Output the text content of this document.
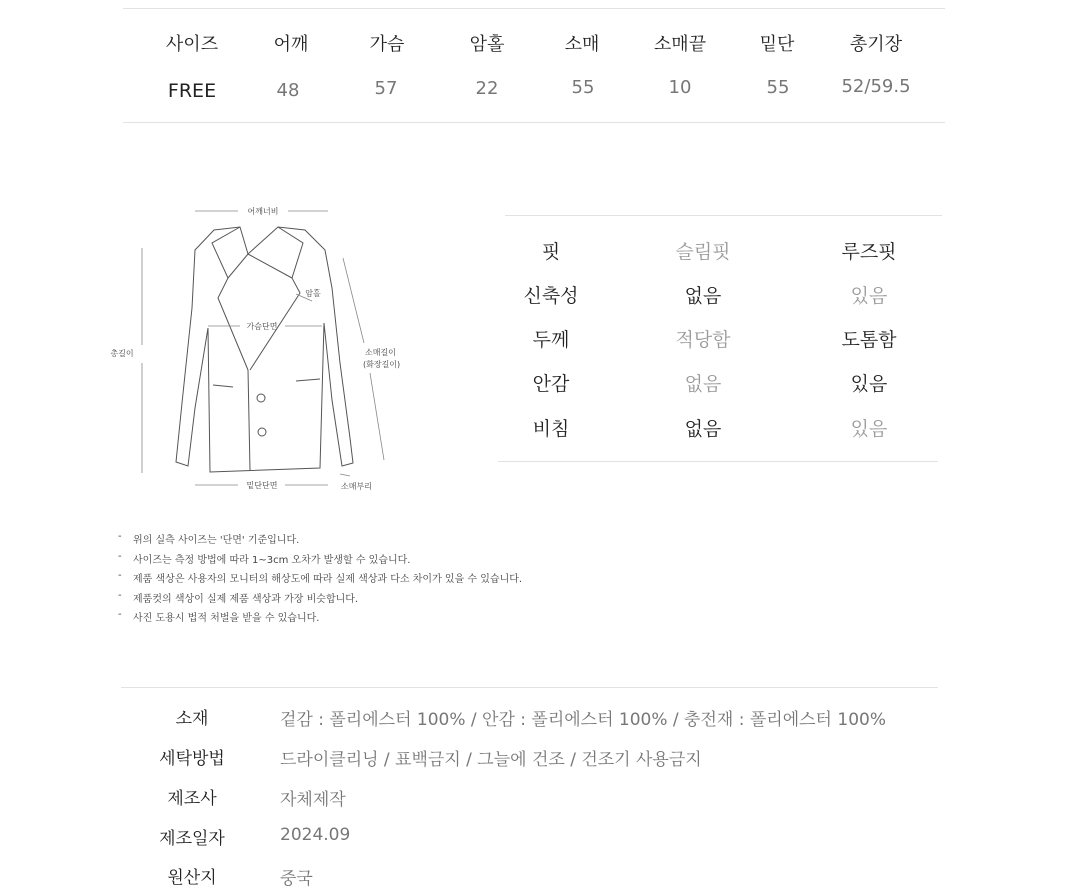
사이즈	어깨	가슴	암홀	소매	소매끝	밑단	총기장
FREE	48	57	22	55	10	55	52/59.5
어깨너비
암홀
가슴단면
총길이	소매길이
(화장길이)
밑단단면	소매부리
핏	슬림핏	루즈핏
신축성	없음	있음
두께	적당함	도톰함
안감	없음	있음
비침	없음	있음
- 위의 실측 사이즈는 '단면' 기준입니다.
- 사이즈는 측정 방법에 따라 1~3cm 오차가 발생할 수 있습니다.
- 제품 색상은 사용자의 모니터의 해상도에 따라 실제 색상과 다소 차이가 있을 수 있습니다.
- 제품컷의 색상이 실제 제품 색상과 가장 비슷합니다.
- 사진 도용시 법적 처벌을 받을 수 있습니다.
소재	겉감 : 폴리에스터 100% / 안감 : 폴리에스터 100% / 충전재 : 폴리에스터 100%
세탁방법	드라이클리닝 / 표백금지 / 그늘에 건조 / 건조기 사용금지
제조사	자체제작
제조일자	2024.09
원산지	중국
